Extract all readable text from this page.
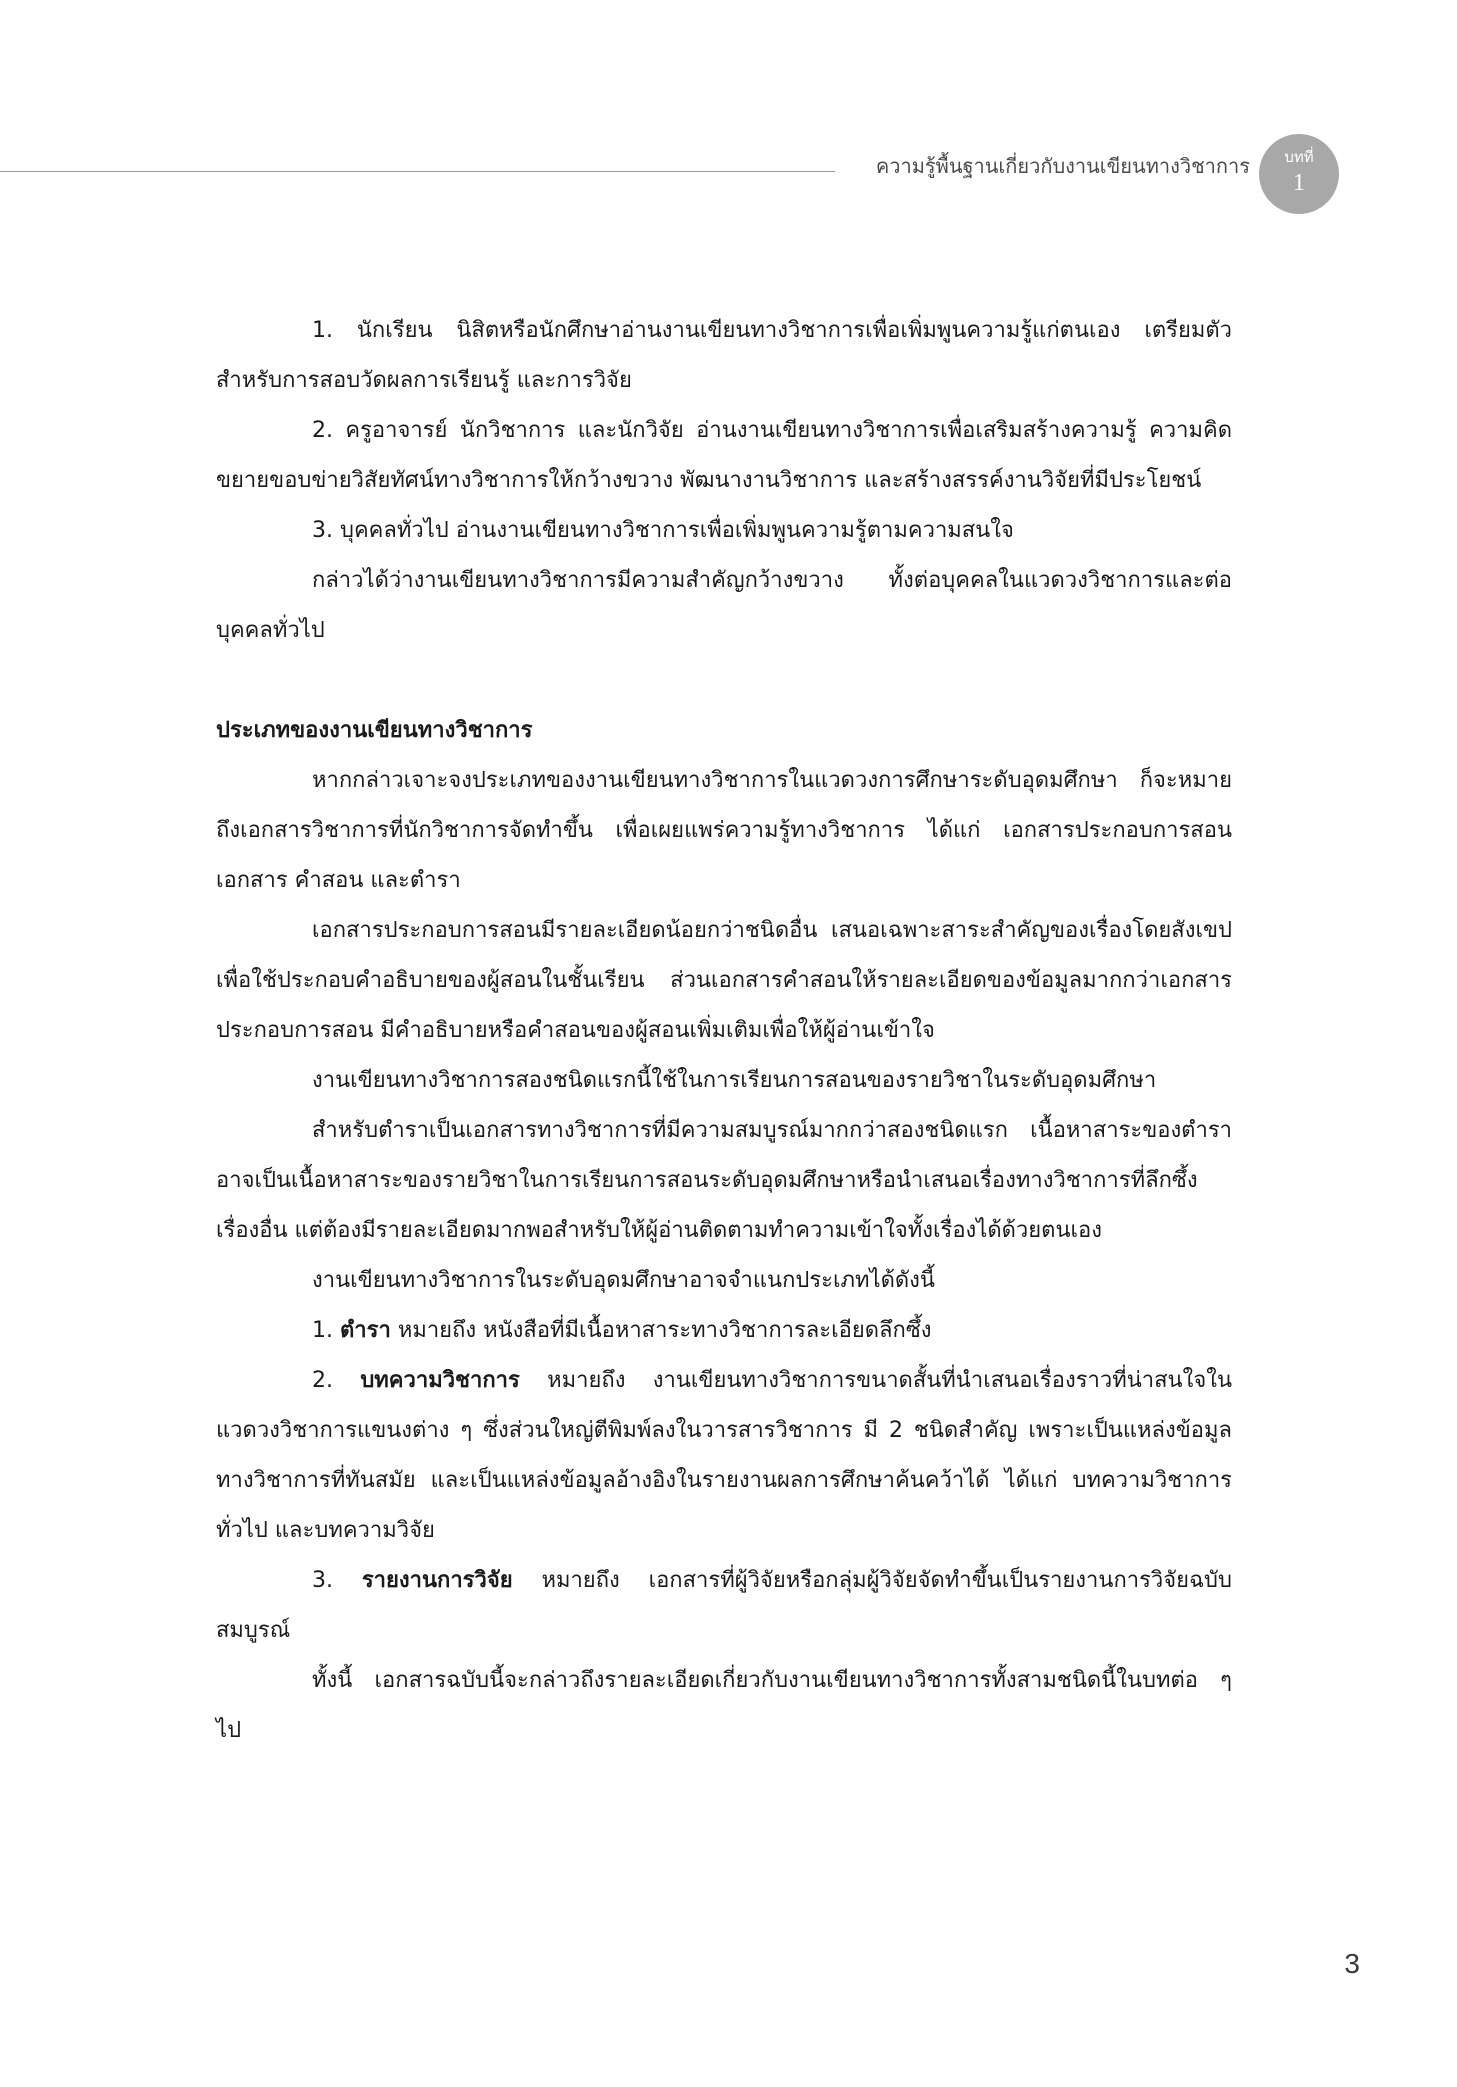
ความรู้พื้นฐานเกี่ยวกับงานเขียนทางวิชาการ	บทที่
1

1. นักเรียน นิสิตหรือนักศึกษาอ่านงานเขียนทางวิชาการเพื่อเพิ่มพูนความรู้แก่ตนเอง เตรียมตัวสำหรับการสอบวัดผลการเรียนรู้ และการวิจัย

2. ครูอาจารย์ นักวิชาการ และนักวิจัย อ่านงานเขียนทางวิชาการเพื่อเสริมสร้างความรู้ ความคิด ขยายขอบข่ายวิสัยทัศน์ทางวิชาการให้กว้างขวาง พัฒนางานวิชาการ และสร้างสรรค์งานวิจัยที่มีประโยชน์

3. บุคคลทั่วไป อ่านงานเขียนทางวิชาการเพื่อเพิ่มพูนความรู้ตามความสนใจ

กล่าวได้ว่างานเขียนทางวิชาการมีความสำคัญกว้างขวาง ทั้งต่อบุคคลในแวดวงวิชาการและต่อบุคคลทั่วไป

ประเภทของงานเขียนทางวิชาการ

หากกล่าวเจาะจงประเภทของงานเขียนทางวิชาการในแวดวงการศึกษาระดับอุดมศึกษา ก็จะหมายถึงเอกสารวิชาการที่นักวิชาการจัดทำขึ้น เพื่อเผยแพร่ความรู้ทางวิชาการ ได้แก่ เอกสารประกอบการสอน เอกสาร คำสอน และตำรา

เอกสารประกอบการสอนมีรายละเอียดน้อยกว่าชนิดอื่น เสนอเฉพาะสาระสำคัญของเรื่องโดยสังเขป เพื่อใช้ประกอบคำอธิบายของผู้สอนในชั้นเรียน ส่วนเอกสารคำสอนให้รายละเอียดของข้อมูลมากกว่าเอกสารประกอบการสอน มีคำอธิบายหรือคำสอนของผู้สอนเพิ่มเติมเพื่อให้ผู้อ่านเข้าใจ

งานเขียนทางวิชาการสองชนิดแรกนี้ใช้ในการเรียนการสอนของรายวิชาในระดับอุดมศึกษา

สำหรับตำราเป็นเอกสารทางวิชาการที่มีความสมบูรณ์มากกว่าสองชนิดแรก เนื้อหาสาระของตำราอาจเป็นเนื้อหาสาระของรายวิชาในการเรียนการสอนระดับอุดมศึกษาหรือนำเสนอเรื่องทางวิชาการที่ลึกซึ้งเรื่องอื่น แต่ต้องมีรายละเอียดมากพอสำหรับให้ผู้อ่านติดตามทำความเข้าใจทั้งเรื่องได้ด้วยตนเอง

งานเขียนทางวิชาการในระดับอุดมศึกษาอาจจำแนกประเภทได้ดังนี้

1. ตำรา หมายถึง หนังสือที่มีเนื้อหาสาระทางวิชาการละเอียดลึกซึ้ง

2. บทความวิชาการ หมายถึง งานเขียนทางวิชาการขนาดสั้นที่นำเสนอเรื่องราวที่น่าสนใจในแวดวงวิชาการแขนงต่าง ๆ ซึ่งส่วนใหญ่ตีพิมพ์ลงในวารสารวิชาการ มี 2 ชนิดสำคัญ เพราะเป็นแหล่งข้อมูลทางวิชาการที่ทันสมัย และเป็นแหล่งข้อมูลอ้างอิงในรายงานผลการศึกษาค้นคว้าได้ ได้แก่ บทความวิชาการทั่วไป และบทความวิจัย

3. รายงานการวิจัย หมายถึง เอกสารที่ผู้วิจัยหรือกลุ่มผู้วิจัยจัดทำขึ้นเป็นรายงานการวิจัยฉบับสมบูรณ์

ทั้งนี้ เอกสารฉบับนี้จะกล่าวถึงรายละเอียดเกี่ยวกับงานเขียนทางวิชาการทั้งสามชนิดนี้ในบทต่อ ๆ ไป

3
